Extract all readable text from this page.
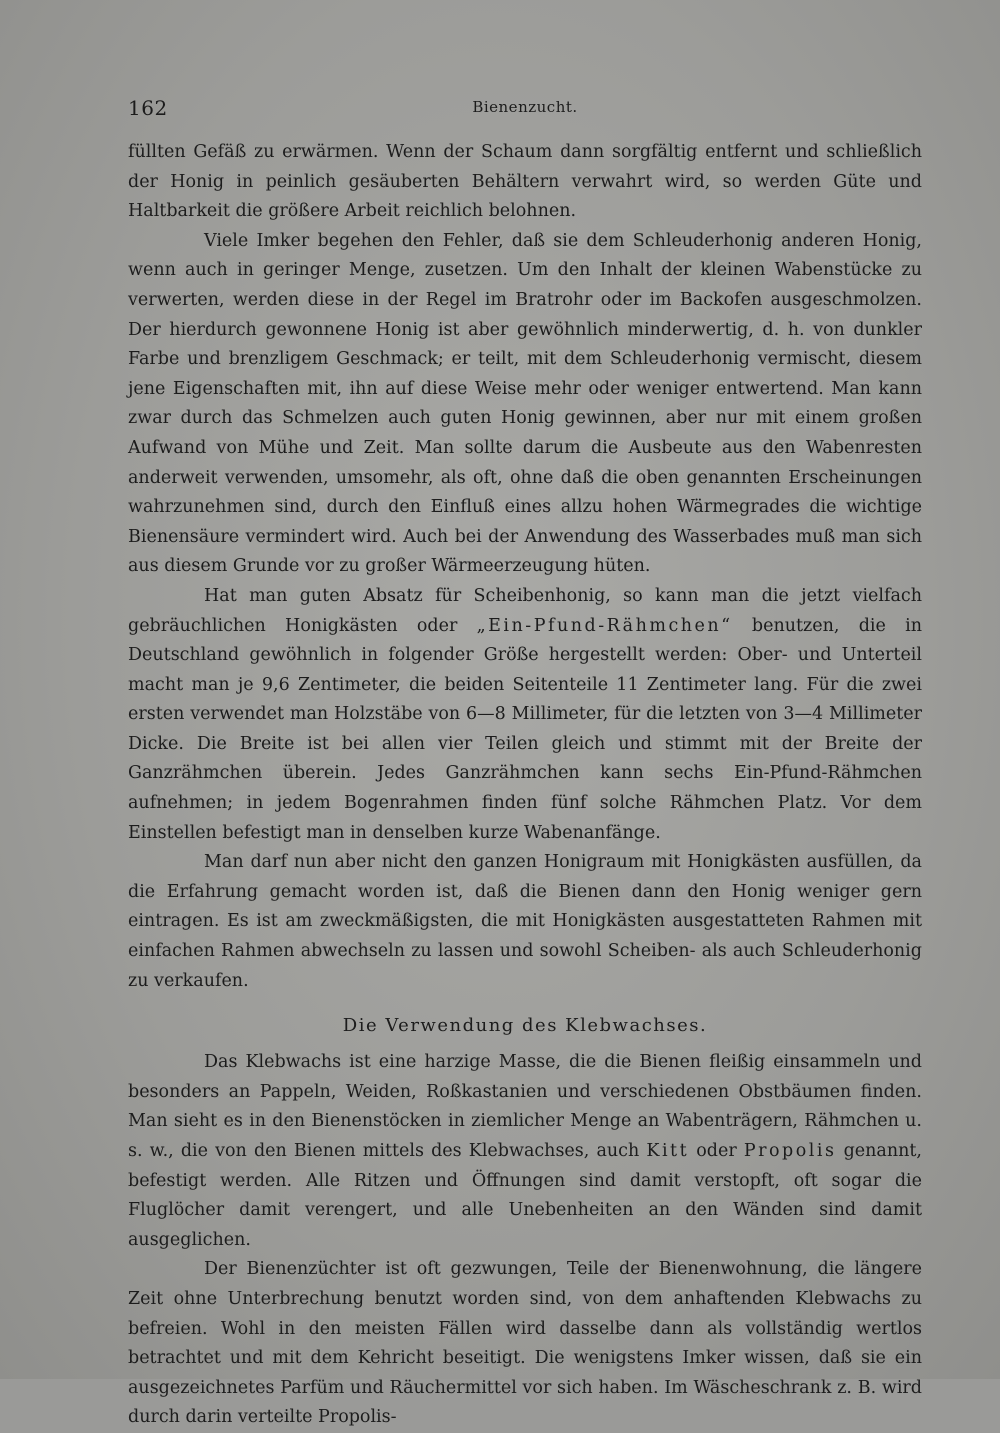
162	Bienenzucht.

füllten Gefäß zu erwärmen. Wenn der Schaum dann sorgfältig entfernt und schließlich der Honig in peinlich gesäuberten Behältern verwahrt wird, so werden Güte und Haltbarkeit die größere Arbeit reichlich belohnen.

Viele Imker begehen den Fehler, daß sie dem Schleuderhonig anderen Honig, wenn auch in geringer Menge, zusetzen. Um den Inhalt der kleinen Wabenstücke zu verwerten, werden diese in der Regel im Bratrohr oder im Backofen ausgeschmolzen. Der hierdurch gewonnene Honig ist aber gewöhnlich minderwertig, d. h. von dunkler Farbe und brenzligem Geschmack; er teilt, mit dem Schleuderhonig vermischt, diesem jene Eigenschaften mit, ihn auf diese Weise mehr oder weniger entwertend. Man kann zwar durch das Schmelzen auch guten Honig gewinnen, aber nur mit einem großen Aufwand von Mühe und Zeit. Man sollte darum die Ausbeute aus den Wabenresten anderweit verwenden, umsomehr, als oft, ohne daß die oben genannten Erscheinungen wahrzunehmen sind, durch den Einfluß eines allzu hohen Wärmegrades die wichtige Bienensäure vermindert wird. Auch bei der Anwendung des Wasserbades muß man sich aus diesem Grunde vor zu großer Wärmeerzeugung hüten.

Hat man guten Absatz für Scheibenhonig, so kann man die jetzt vielfach gebräuchlichen Honigkästen oder „Ein-Pfund-Rähmchen“ benutzen, die in Deutschland gewöhnlich in folgender Größe hergestellt werden: Ober- und Unterteil macht man je 9,6 Zentimeter, die beiden Seitenteile 11 Zentimeter lang. Für die zwei ersten verwendet man Holzstäbe von 6—8 Millimeter, für die letzten von 3—4 Millimeter Dicke. Die Breite ist bei allen vier Teilen gleich und stimmt mit der Breite der Ganzrähmchen überein. Jedes Ganzrähmchen kann sechs Ein-Pfund-Rähmchen aufnehmen; in jedem Bogenrahmen finden fünf solche Rähmchen Platz. Vor dem Einstellen befestigt man in denselben kurze Wabenanfänge.

Man darf nun aber nicht den ganzen Honigraum mit Honigkästen ausfüllen, da die Erfahrung gemacht worden ist, daß die Bienen dann den Honig weniger gern eintragen. Es ist am zweckmäßigsten, die mit Honigkästen ausgestatteten Rahmen mit einfachen Rahmen abwechseln zu lassen und sowohl Scheiben- als auch Schleuderhonig zu verkaufen.

Die Verwendung des Klebwachses.

Das Klebwachs ist eine harzige Masse, die die Bienen fleißig einsammeln und besonders an Pappeln, Weiden, Roßkastanien und verschiedenen Obstbäumen finden. Man sieht es in den Bienenstöcken in ziemlicher Menge an Wabenträgern, Rähmchen u. s. w., die von den Bienen mittels des Klebwachses, auch Kitt oder Propolis genannt, befestigt werden. Alle Ritzen und Öffnungen sind damit verstopft, oft sogar die Fluglöcher damit verengert, und alle Unebenheiten an den Wänden sind damit ausgeglichen.

Der Bienenzüchter ist oft gezwungen, Teile der Bienenwohnung, die längere Zeit ohne Unterbrechung benutzt worden sind, von dem anhaftenden Klebwachs zu befreien. Wohl in den meisten Fällen wird dasselbe dann als vollständig wertlos betrachtet und mit dem Kehricht beseitigt. Die wenigstens Imker wissen, daß sie ein ausgezeichnetes Parfüm und Räuchermittel vor sich haben. Im Wäscheschrank z. B. wird durch darin verteilte Propolis-
